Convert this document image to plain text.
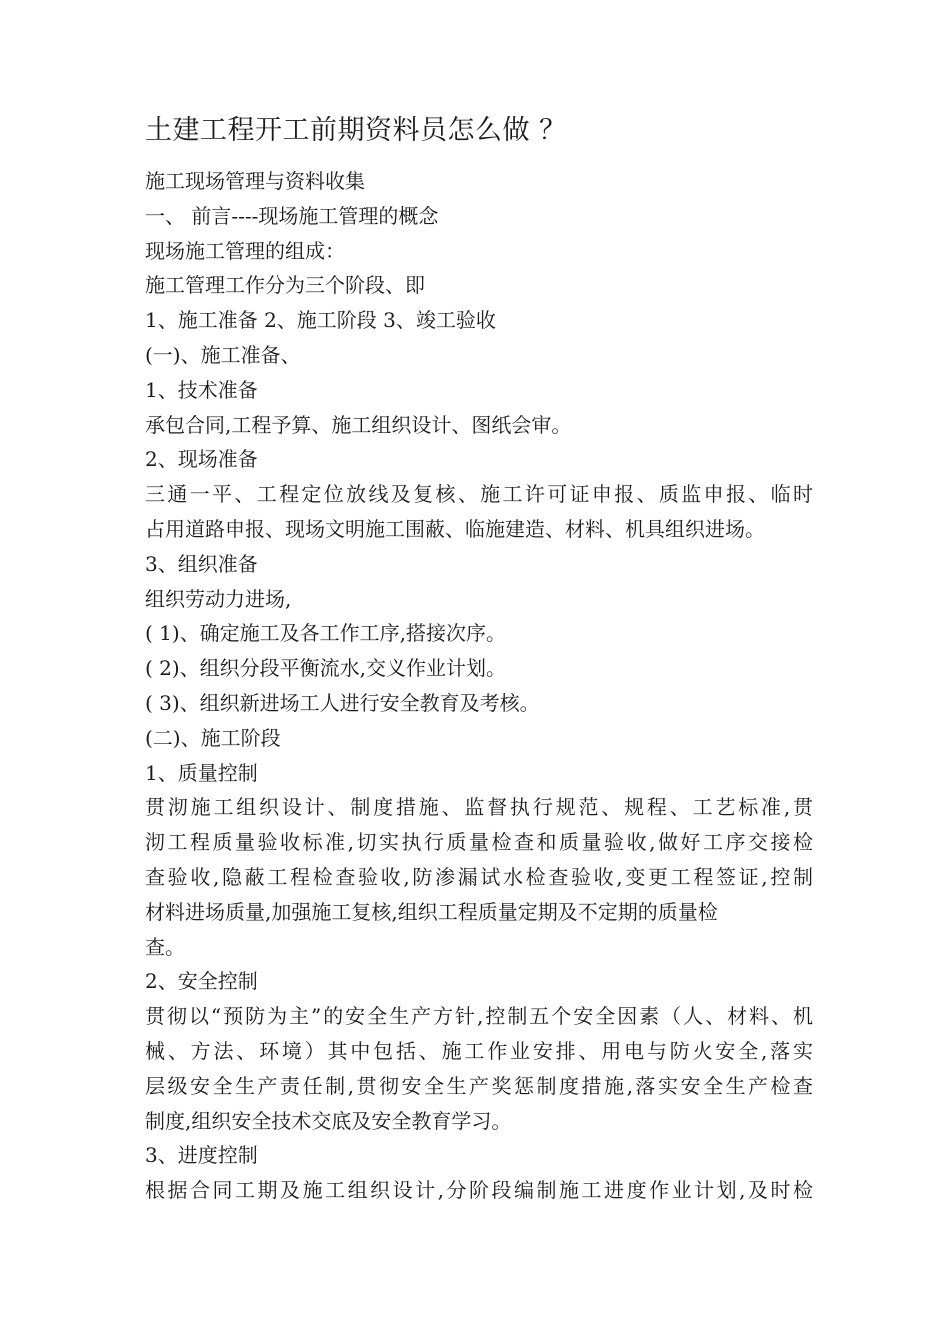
土建工程开工前期资料员怎么做 ？
施工现场管理与资料收集
一、 前言----现场施工管理的概念
现场施工管理的组成：
施工管理工作分为三个阶段、即
1、施工准备 2、施工阶段 3、竣工验收
(一)、施工准备、
1、技术准备
承包合同,工程予算、施工组织设计、图纸会审。
2、现场准备
三通一平、工程定位放线及复核、施工许可证申报、质监申报、临时
占用道路申报、现场文明施工围蔽、临施建造、材料、机具组织进场。
3、组织准备
组织劳动力进场,
( 1)、确定施工及各工作工序,搭接次序。
( 2)、组织分段平衡流水,交义作业计划。
( 3)、组织新进场工人进行安全教育及考核。
(二)、施工阶段
1、质量控制
贯沏施工组织设计、制度措施、监督执行规范、规程、工艺标准,贯
沏工程质量验收标准,切实执行质量检查和质量验收,做好工序交接检
查验收,隐蔽工程检查验收,防渗漏试水检查验收,变更工程签证,控制
材料进场质量,加强施工复核,组织工程质量定期及不定期的质量检
查。
2、安全控制
贯彻以“预防为主”的安全生产方针,控制五个安全因素（人、材料、机
械、方法、环境）其中包括、施工作业安排、用电与防火安全,落实
层级安全生产责任制,贯彻安全生产奖惩制度措施,落实安全生产检查
制度,组织安全技术交底及安全教育学习。
3、进度控制
根据合同工期及施工组织设计,分阶段编制施工进度作业计划,及时检
